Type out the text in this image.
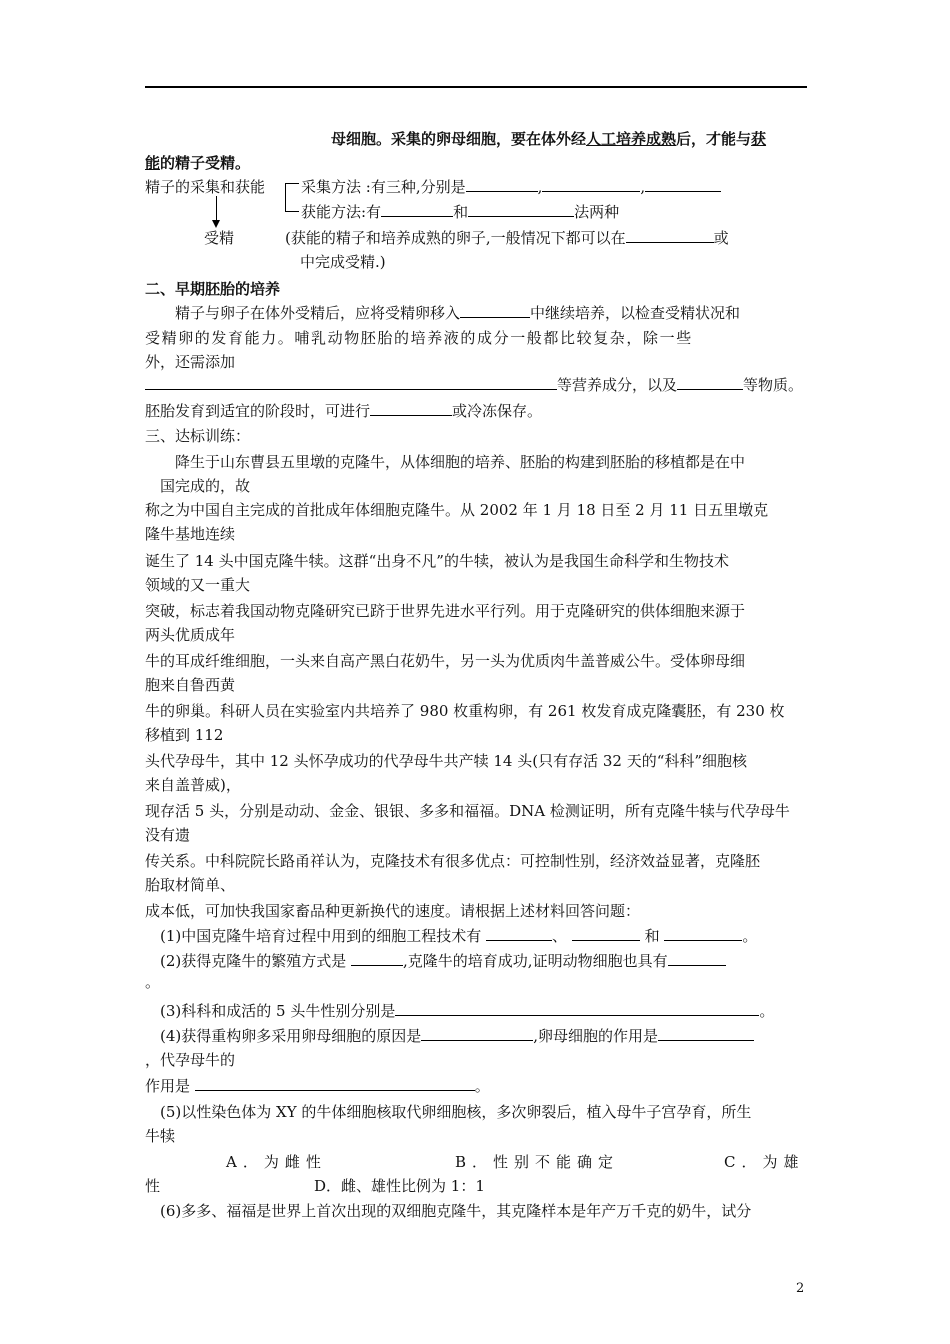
母细胞。采集的卵母细胞，要在体外经人工培养成熟后，才能与获
能的精子受精。
精子的采集和获能 采集方法 :有三种,分别是	,	,
获能方法:有	和	法两种
受精	(获能的精子和培养成熟的卵子,一般情况下都可以在	或
中完成受精.)
二、早期胚胎的培养
精子与卵子在体外受精后，应将受精卵移入	中继续培养，以检查受精状况和
受精卵的发育能力。哺乳动物胚胎的培养液的成分一般都比较复杂，除一些
外，还需添加
等营养成分，以及	等物质。
胚胎发育到适宜的阶段时，可进行	或冷冻保存。
三、达标训练：
降生于山东曹县五里墩的克隆牛，从体细胞的培养、胚胎的构建到胚胎的移植都是在中
国完成的，故
称之为中国自主完成的首批成年体细胞克隆牛。从 2002 年 1 月 18 日至 2 月 11 日五里墩克
隆牛基地连续
诞生了 14 头中国克隆牛犊。这群“出身不凡”的牛犊，被认为是我国生命科学和生物技术
领域的又一重大
突破，标志着我国动物克隆研究已跻于世界先进水平行列。用于克隆研究的供体细胞来源于
两头优质成年
牛的耳成纤维细胞，一头来自高产黑白花奶牛，另一头为优质肉牛盖普威公牛。受体卵母细
胞来自鲁西黄
牛的卵巢。科研人员在实验室内共培养了 980 枚重构卵，有 261 枚发育成克隆囊胚，有 230 枚
移植到 112
头代孕母牛，其中 12 头怀孕成功的代孕母牛共产犊 14 头(只有存活 32 天的“科科”细胞核
来自盖普威)，
现存活 5 头，分别是动动、金金、银银、多多和福福。DNA 检测证明，所有克隆牛犊与代孕母牛
没有遗
传关系。中科院院长路甬祥认为，克隆技术有很多优点：可控制性别，经济效益显著，克隆胚
胎取材简单、
成本低，可加快我国家畜品种更新换代的速度。请根据上述材料回答问题：
(1)中国克隆牛培育过程中用到的细胞工程技术有	、	和	。
(2)获得克隆牛的繁殖方式是	,克隆牛的培育成功,证明动物细胞也具有
。
(3)科科和成活的 5 头牛性别分别是	。
(4)获得重构卵多采用卵母细胞的原因是	,卵母细胞的作用是
，代孕母牛的
作用是	。
(5)以性染色体为 XY 的牛体细胞核取代卵细胞核，多次卵裂后，植入母牛子宫孕育，所生
牛犊
A．为雌性	B．性别不能确定	C．为雄
性	D．雌、雄性比例为 1：1
(6)多多、福福是世界上首次出现的双细胞克隆牛，其克隆样本是年产万千克的奶牛，试分
2
